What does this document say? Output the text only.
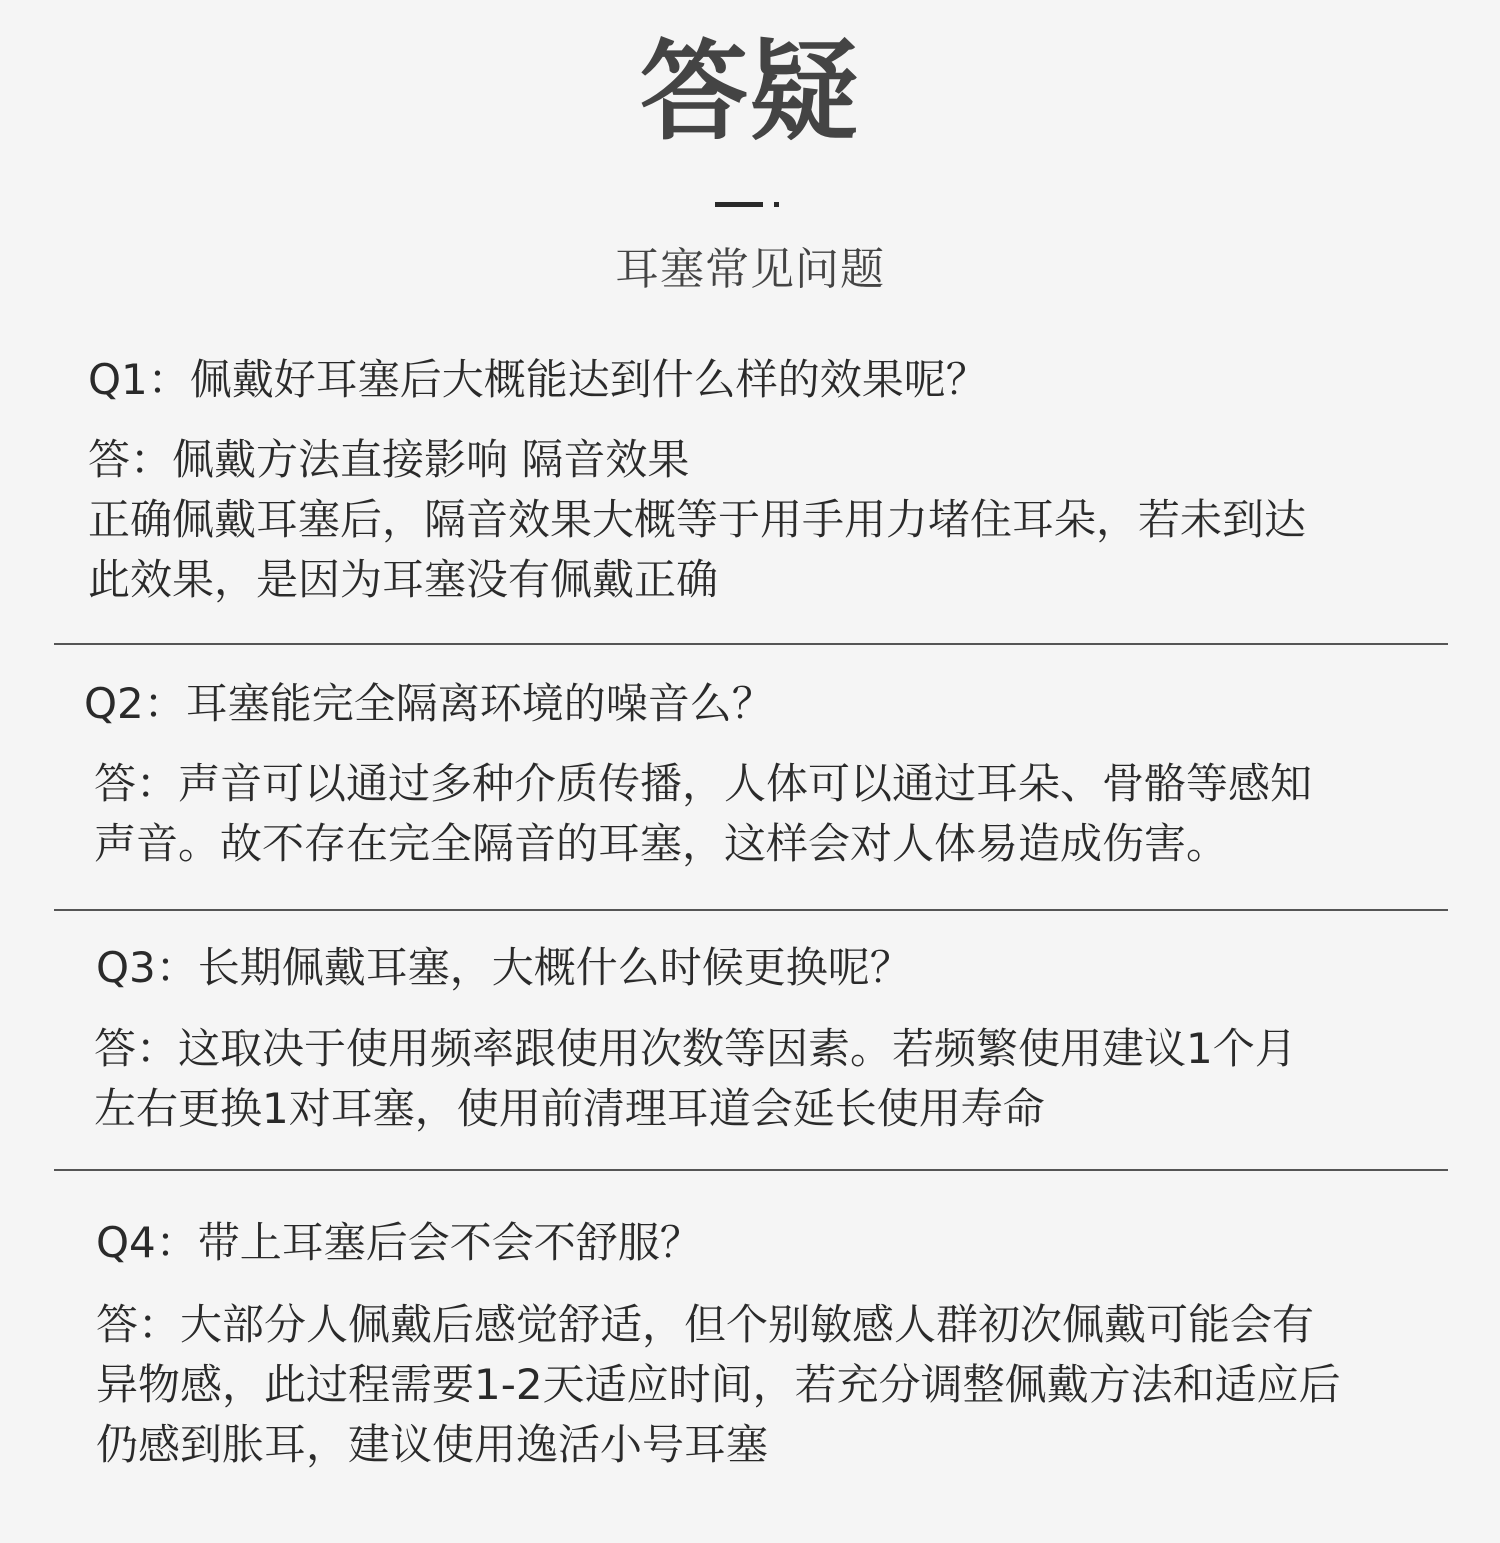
答疑
耳塞常见问题
Q1：佩戴好耳塞后大概能达到什么样的效果呢？
答：佩戴方法直接影响 隔音效果
正确佩戴耳塞后，隔音效果大概等于用手用力堵住耳朵，若未到达
此效果，是因为耳塞没有佩戴正确
Q2：耳塞能完全隔离环境的噪音么？
答：声音可以通过多种介质传播，人体可以通过耳朵、骨骼等感知
声音。故不存在完全隔音的耳塞，这样会对人体易造成伤害。
Q3：长期佩戴耳塞，大概什么时候更换呢？
答：这取决于使用频率跟使用次数等因素。若频繁使用建议1个月
左右更换1对耳塞，使用前清理耳道会延长使用寿命
Q4：带上耳塞后会不会不舒服？
答：大部分人佩戴后感觉舒适，但个别敏感人群初次佩戴可能会有
异物感，此过程需要1-2天适应时间，若充分调整佩戴方法和适应后
仍感到胀耳，建议使用逸活小号耳塞
